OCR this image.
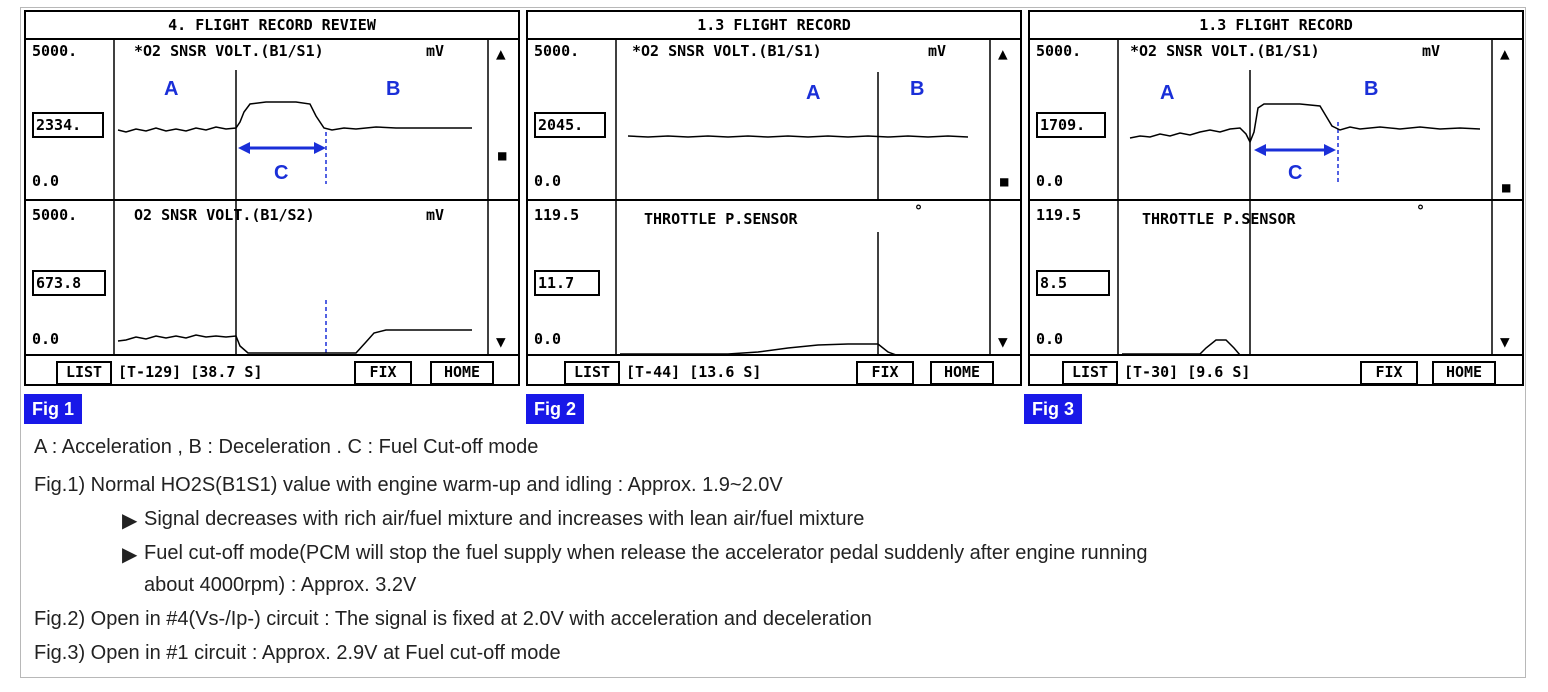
4. FLIGHT RECORD REVIEW
5000.	*O2 SNSR VOLT.(B1/S1)	mV
2334.
0.0
5000.	O2 SNSR VOLT.(B1/S2)	mV
673.8
0.0
A	B
C
▲
■
▼
LIST	[T-129] [38.7 S]	FIX	HOME
Fig 1
1.3 FLIGHT RECORD
5000.	*O2 SNSR VOLT.(B1/S1)	mV
2045.
0.0
119.5	THROTTLE P.SENSOR	°
11.7
0.0
A	B
▲
■
▼
LIST	[T-44] [13.6 S]	FIX	HOME
Fig 2
1.3 FLIGHT RECORD
5000.	*O2 SNSR VOLT.(B1/S1)	mV
1709.
0.0
119.5	THROTTLE P.SENSOR	°
8.5
0.0
A	B
C
▲
■
▼
LIST	[T-30] [9.6 S]	FIX	HOME
Fig 3
A : Acceleration , B : Deceleration . C : Fuel Cut-off mode
Fig.1) Normal HO2S(B1S1) value with engine warm-up and idling : Approx. 1.9~2.0V
▶ Signal decreases with rich air/fuel mixture and increases with lean air/fuel mixture
▶ Fuel cut-off mode(PCM will stop the fuel supply when release the accelerator pedal suddenly after engine running
about 4000rpm) : Approx. 3.2V
Fig.2) Open in #4(Vs-/Ip-) circuit : The signal is fixed at 2.0V with acceleration and deceleration
Fig.3) Open in #1 circuit : Approx. 2.9V at Fuel cut-off mode
